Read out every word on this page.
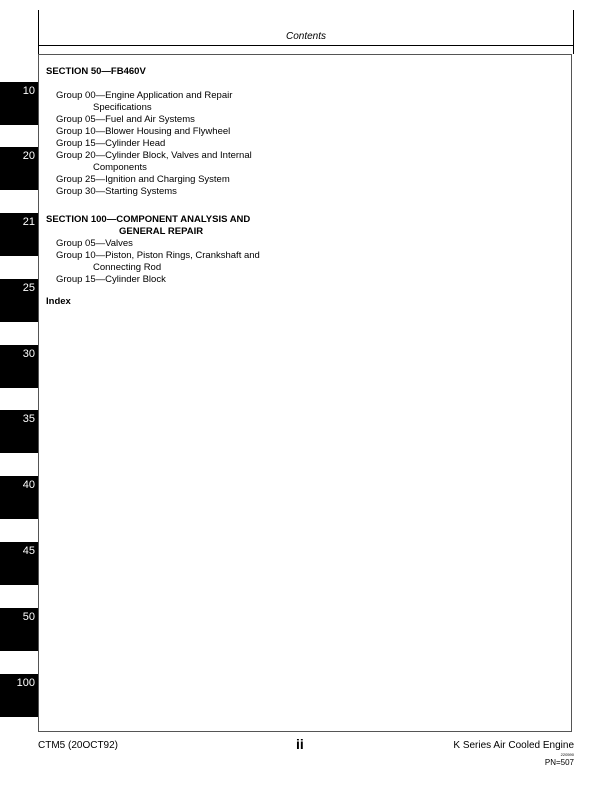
Contents
10
20
21
25
30
35
40
45
50
100
SECTION 50—FB460V
Group 00—Engine Application and Repair
Specifications
Group 05—Fuel and Air Systems
Group 10—Blower Housing and Flywheel
Group 15—Cylinder Head
Group 20—Cylinder Block, Valves and Internal
Components
Group 25—Ignition and Charging System
Group 30—Starting Systems
SECTION 100—COMPONENT ANALYSIS AND
GENERAL REPAIR
Group 05—Valves
Group 10—Piston, Piston Rings, Crankshaft and
Connecting Rod
Group 15—Cylinder Block
Index
CTM5 (20OCT92)	ii	K Series Air Cooled Engine
220590
PN=507
